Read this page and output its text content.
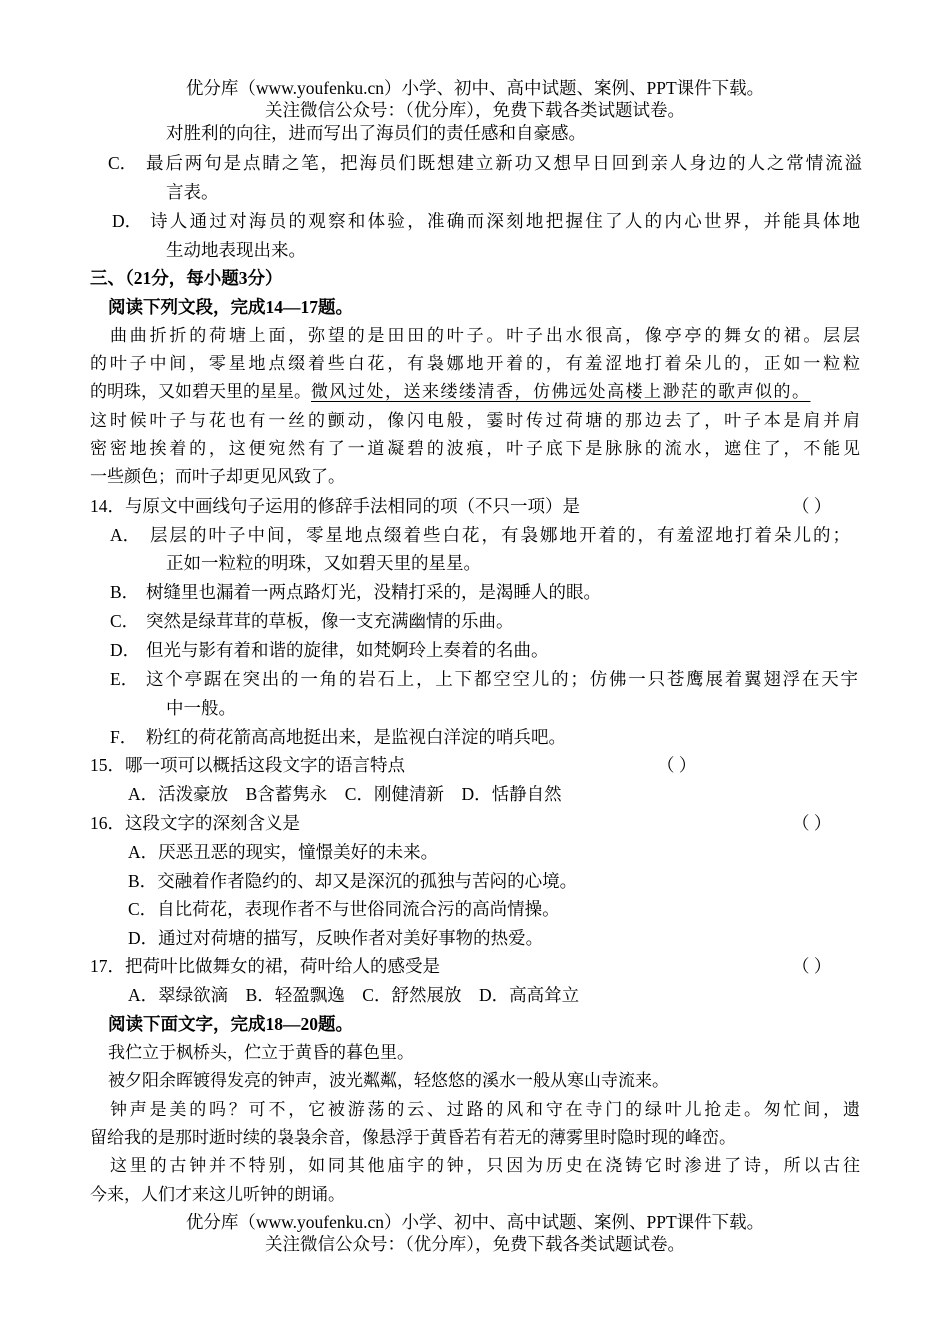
优分库（www.youfenku.cn）小学、初中、高中试题、案例、PPT课件下载。
关注微信公众号：（优分库），免费下载各类试题试卷。
对胜利的向往，进而写出了海员们的责任感和自豪感。
C． 最后两句是点睛之笔，把海员们既想建立新功又想早日回到亲人身边的人之常情流溢
言表。
D． 诗人通过对海员的观察和体验，准确而深刻地把握住了人的内心世界，并能具体地
生动地表现出来。
三、（21分，每小题3分）
阅读下列文段，完成14—17题。
曲曲折折的荷塘上面，弥望的是田田的叶子。叶子出水很高，像亭亭的舞女的裙。层层
的叶子中间，零星地点缀着些白花，有袅娜地开着的，有羞涩地打着朵儿的，正如一粒粒
的明珠，又如碧天里的星星。微风过处，送来缕缕清香，仿佛远处高楼上渺茫的歌声似的。
这时候叶子与花也有一丝的颤动，像闪电般，霎时传过荷塘的那边去了，叶子本是肩并肩
密密地挨着的，这便宛然有了一道凝碧的波痕，叶子底下是脉脉的流水，遮住了，不能见
一些颜色；而叶子却更见风致了。
14．与原文中画线句子运用的修辞手法相同的项（不只一项）是	（ ）
A． 层层的叶子中间，零星地点缀着些白花，有袅娜地开着的，有羞涩地打着朵儿的；
正如一粒粒的明珠，又如碧天里的星星。
B． 树缝里也漏着一两点路灯光，没精打采的，是渴睡人的眼。
C． 突然是绿茸茸的草板，像一支充满幽情的乐曲。
D． 但光与影有着和谐的旋律，如梵婀玲上奏着的名曲。
E． 这个亭踞在突出的一角的岩石上，上下都空空儿的；仿佛一只苍鹰展着翼翅浮在天宇
中一般。
F． 粉红的荷花箭高高地挺出来，是监视白洋淀的哨兵吧。
15．哪一项可以概括这段文字的语言特点	（ ）
A．活泼豪放    B含蓄隽永    C．刚健清新    D．恬静自然
16．这段文字的深刻含义是	（ ）
A．厌恶丑恶的现实，憧憬美好的未来。
B．交融着作者隐约的、却又是深沉的孤独与苦闷的心境。
C．自比荷花，表现作者不与世俗同流合污的高尚情操。
D．通过对荷塘的描写，反映作者对美好事物的热爱。
17．把荷叶比做舞女的裙，荷叶给人的感受是	（ ）
A．翠绿欲滴    B．轻盈飘逸    C．舒然展放    D．高高耸立
阅读下面文字，完成18—20题。
我伫立于枫桥头，伫立于黄昏的暮色里。
被夕阳余晖镀得发亮的钟声，波光粼粼，轻悠悠的溪水一般从寒山寺流来。
钟声是美的吗？可不，它被游荡的云、过路的风和守在寺门的绿叶儿抢走。匆忙间，遗
留给我的是那时逝时续的袅袅余音，像悬浮于黄昏若有若无的薄雾里时隐时现的峰峦。
这里的古钟并不特别，如同其他庙宇的钟，只因为历史在浇铸它时渗进了诗，所以古往
今来，人们才来这儿听钟的朗诵。
优分库（www.youfenku.cn）小学、初中、高中试题、案例、PPT课件下载。
关注微信公众号：（优分库），免费下载各类试题试卷。
